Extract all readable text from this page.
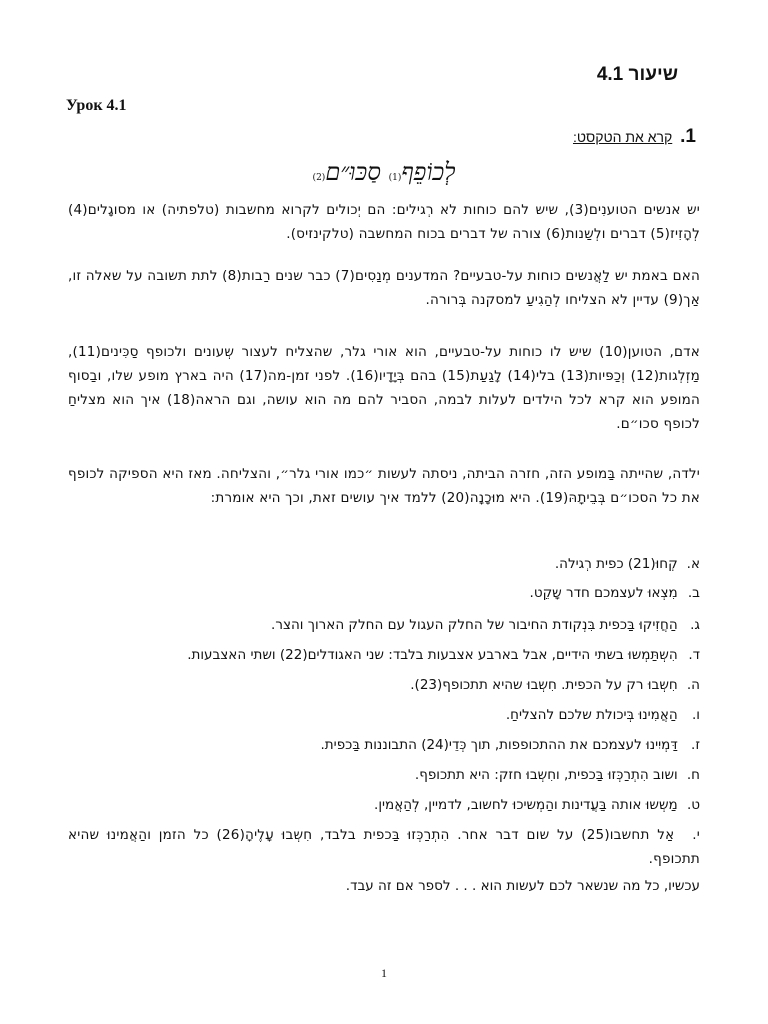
שיעור 4.1
Урок 4.1
1. קרא את הטקסט:
לְכוֹפֵף(1) סַכּוּ״ם(2)
יש אנשים הטוענִים(3), שיש להם כוחות לא רְגילים: הם יְכולים לקרוא מחשבות (טלפתיה) או מסוגָלים(4) לְהָזִיז(5) דברים ולְשַנות(6) צורה של דברים בכוח המחשבה (טלקינזיס).
האם באמת יש לַאֲנשים כוחות על-טבעיים? המדענים מְנַסִים(7) כבר שנים רַבות(8) לתת תשובה על שאלה זו, אַך(9) עדיין לא הצליחו לְהַגִיעַ למסקנה בְּרורה.
אדם, הטוען(10) שיש לו כוחות על-טבעיים, הוא אורי גלר, שהצליח לעצור שְעונים ולכופף סַכִּינים(11), מַזְלְגות(12) וְכַפּיות(13) בלי(14) לָגַעַת(15) בהם בְּיָדָיו(16). לפני זמן-מה(17) היה בארץ מופע שלו, ובַסוף המופע הוא קרא לכל הילדים לעלות לבמה, הסביר להם מה הוא עושה, וגם הראה(18) איך הוא מצליחַ לכופף סכו״ם.
ילדה, שהייתה בַּמופע הזה, חזרה הביתה, ניסתה לעשות ״כמו אורי גלר״, והצליחה. מאז היא הספיקה לכופף את כל הסכו״ם בְּבֵיתָהּ(19). היא מוּכָנָה(20) ללמד איך עושים זאת, וכך היא אומרת:
א. קְחוּ(21) כפית רְגילה.
ב. מִצְאוּ לעצמכם חדר שָקֵט.
ג. הַחֲזִיקוּ בַּכפית בִּנְקודת החיבור של החלק העגול עם החלק הארוך והצר.
ד. הִשְתַּמְשוּ בשתי הידיים, אבל בארבע אצבעות בלבד: שני האגודלים(22) ושתי האצבעות.
ה. חִשְבוּ רק על הכפית. חִשְבוּ שהיא תתכופף(23).
ו. הַאֲמִינוּ בְּיכולת שלכם להצליחַ.
ז. דַּמְיִינוּ לעצמכם את ההתכופפות, תוך כְּדֵי(24) התבוננות בַּכפית.
ח. ושוב הִתְרַכְּזוּ בַּכפית, וחִשְבוּ חזק: היא תתכופף.
ט. מַשְשוּ אותה בַּעֲדינות והַמְשיכוּ לחשוב, לדמיין, לְהַאֲמין.
י. אַל תחשבו(25) על שום דבר אחר. הִתְרַכְּזוּ בַּכפית בלבד, חִשְבוּ עָלֶיהָ(26) כל הזמן והַאֲמינוּ שהיא תתכופף.
עכשיו, כל מה שנשאר לכם לעשות הוא . . . לספר אם זה עבד.
1
